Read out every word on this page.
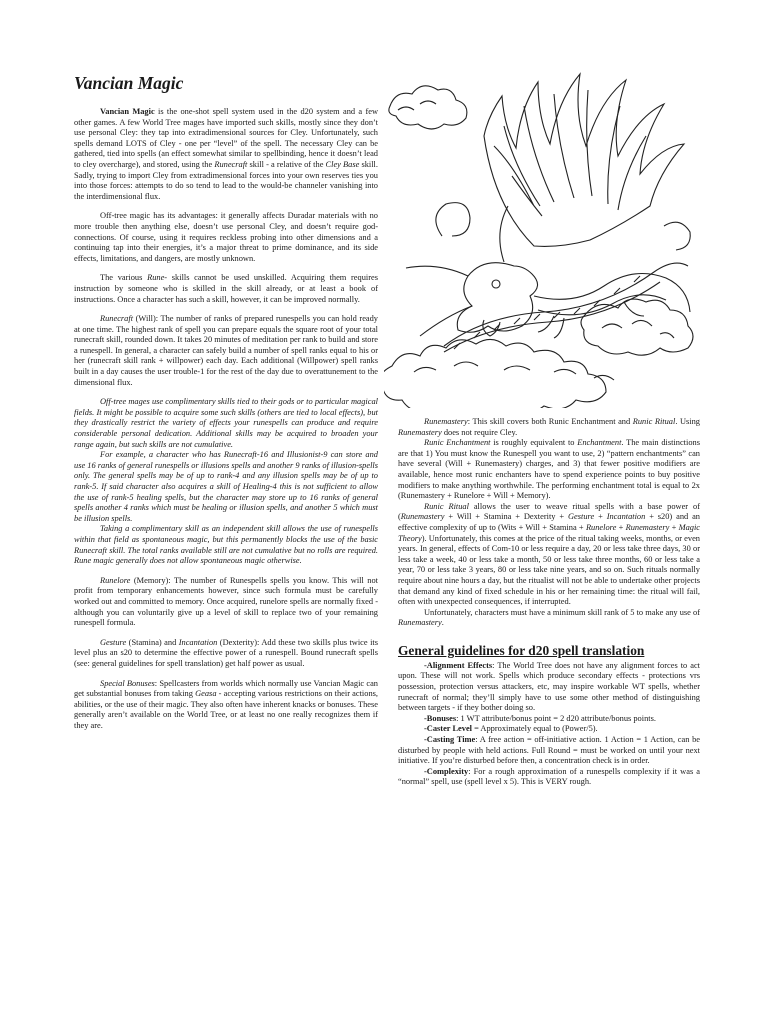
Vancian Magic

Vancian Magic is the one-shot spell system used in the d20 system and a few other games. A few World Tree mages have imported such skills, mostly since they don’t use personal Cley: they tap into extradimensional sources for Cley. Unfortunately, such spells demand LOTS of Cley - one per “level” of the spell. The necessary Cley can be gathered, tied into spells (an effect somewhat similar to spellbinding, hence it doesn’t lead to cley overcharge), and stored, using the Runecraft skill - a relative of the Cley Base skill. Sadly, trying to import Cley from extradimensional forces into your own reserves ties you into those forces: attempts to do so tend to lead to the would-be channeler vanishing into the interdimensional flux.

Off-tree magic has its advantages: it generally affects Duradar materials with no more trouble then anything else, doesn’t use personal Cley, and doesn’t require god-connections. Of course, using it requires reckless probing into other dimensions and a continuing tap into their energies, it’s a major threat to prime dominance, and its side effects, limitations, and dangers, are mostly unknown.

The various Rune- skills cannot be used unskilled. Acquiring them requires instruction by someone who is skilled in the skill already, or at least a book of instructions. Once a character has such a skill, however, it can be improved normally.

Runecraft (Will): The number of ranks of prepared runespells you can hold ready at one time. The highest rank of spell you can prepare equals the square root of your total runecraft skill, rounded down. It takes 20 minutes of meditation per rank to build and store a runespell. In general, a character can safely build a number of spell ranks equal to his or her (runecraft skill rank + willpower) each day. Each additional (Willpower) spell ranks built in a day causes the user trouble-1 for the rest of the day due to overattunement to the dimensional flux.

Off-tree mages use complimentary skills tied to their gods or to particular magical fields. It might be possible to acquire some such skills (others are tied to local effects), but they drastically restrict the variety of effects your runespells can produce and require considerable personal dedication. Additional skills may be acquired to broaden your range again, but such skills are not cumulative.

For example, a character who has Runecraft-16 and Illusionist-9 can store and use 16 ranks of general runespells or illusions spells and another 9 ranks of illusion-spells only. The general spells may be of up to rank-4 and any illusion spells may be of up to rank-5. If said character also acquires a skill of Healing-4 this is not sufficient to allow the use of rank-5 healing spells, but the character may store up to 16 ranks of general spells another 4 ranks which must be healing or illusion spells, and another 5 which must be illusion spells.

Taking a complimentary skill as an independent skill allows the use of runespells within that field as spontaneous magic, but this permanently blocks the use of the basic Runecraft skill. The total ranks available still are not cumulative but no rolls are required. Rune magic generally does not allow spontaneous magic otherwise.

Runelore (Memory): The number of Runespells spells you know. This will not profit from temporary enhancements however, since such formula must be carefully worked out and committed to memory. Once acquired, runelore spells are normally fixed - although you can voluntarily give up a level of skill to replace two of your remaining runespell formula.

Gesture (Stamina) and Incantation (Dexterity): Add these two skills plus twice its level plus an s20 to determine the effective power of a runespell. Bound runecraft spells (see: general guidelines for spell translation) get half power as usual.

Special Bonuses: Spellcasters from worlds which normally use Vancian Magic can get substantial bonuses from taking Geasa - accepting various restrictions on their actions, abilities, or the use of their magic. They also often have inherent knacks or bonuses. These generally aren’t available on the World Tree, or at least no one really recognizes them if they are.

Runemastery: This skill covers both Runic Enchantment and Runic Ritual. Using Runemastery does not require Cley.

Runic Enchantment is roughly equivalent to Enchantment. The main distinctions are that 1) You must know the Runespell you want to use, 2) “pattern enchantments” can have several (Will + Runemastery) charges, and 3) that fewer positive modifiers are available, hence most runic enchanters have to spend experience points to buy positive modifiers to make anything worthwhile. The performing enchantment total is equal to 2x (Runemastery + Runelore + Will + Memory).

Runic Ritual allows the user to weave ritual spells with a base power of (Runemastery + Will + Stamina + Dexterity + Gesture + Incantation + s20) and an effective complexity of up to (Wits + Will + Stamina + Runelore + Runemastery + Magic Theory). Unfortunately, this comes at the price of the ritual taking weeks, months, or even years. In general, effects of Com-10 or less require a day, 20 or less take three days, 30 or less take a week, 40 or less take a month, 50 or less take three months, 60 or less take a year, 70 or less take 3 years, 80 or less take nine years, and so on. Such rituals normally require about nine hours a day, but the ritualist will not be able to undertake other projects that demand any kind of fixed schedule in his or her remaining time: the ritual will fail, often with unexpected consequences, if interrupted.

Unfortunately, characters must have a minimum skill rank of 5 to make any use of Runemastery.

General guidelines for d20 spell translation

-Alignment Effects: The World Tree does not have any alignment forces to act upon. These will not work. Spells which produce secondary effects - protections vrs possession, protection versus attackers, etc, may inspire workable WT spells, whether runecraft of normal; they’ll simply have to use some other method of distinguishing between targets - if they bother doing so.

-Bonuses: 1 WT attribute/bonus point = 2 d20 attribute/bonus points.

-Caster Level = Approximately equal to (Power/5).

-Casting Time: A free action = off-initiative action. 1 Action = 1 Action, can be disturbed by people with held actions. Full Round = must be worked on until your next initiative. If you’re disturbed before then, a concentration check is in order.

-Complexity: For a rough approximation of a runespells complexity if it was a “normal” spell, use (spell level x 5). This is VERY rough.
